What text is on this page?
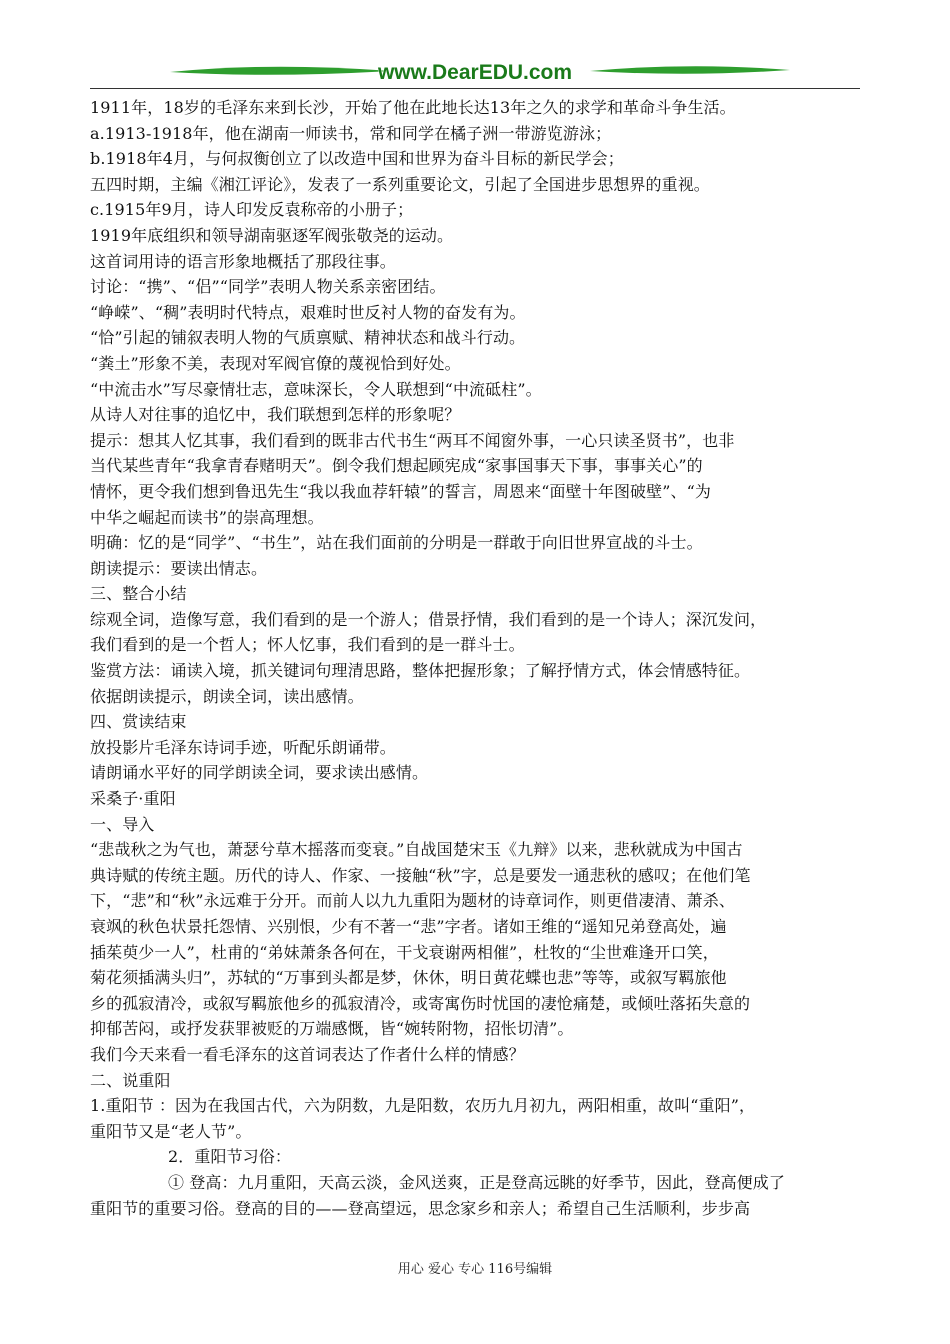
www.DearEDU.com
1911年，18岁的毛泽东来到长沙，开始了他在此地长达13年之久的求学和革命斗争生活。
a.1913-1918年，他在湖南一师读书，常和同学在橘子洲一带游览游泳；
b.1918年4月，与何叔衡创立了以改造中国和世界为奋斗目标的新民学会；
五四时期，主编《湘江评论》，发表了一系列重要论文，引起了全国进步思想界的重视。
c.1915年9月，诗人印发反袁称帝的小册子；
1919年底组织和领导湖南驱逐军阀张敬尧的运动。
这首词用诗的语言形象地概括了那段往事。
讨论：“携”、“侣”“同学”表明人物关系亲密团结。
“峥嵘”、“稠”表明时代特点，艰难时世反衬人物的奋发有为。
“恰”引起的铺叙表明人物的气质禀赋、精神状态和战斗行动。
“粪土”形象不美，表现对军阀官僚的蔑视恰到好处。
“中流击水”写尽豪情壮志，意味深长，令人联想到“中流砥柱”。
从诗人对往事的追忆中，我们联想到怎样的形象呢？
提示：想其人忆其事，我们看到的既非古代书生“两耳不闻窗外事，一心只读圣贤书”，也非
当代某些青年“我拿青春赌明天”。倒令我们想起顾宪成“家事国事天下事，事事关心”的
情怀，更令我们想到鲁迅先生“我以我血荐轩辕”的誓言，周恩来“面壁十年图破壁”、“为
中华之崛起而读书”的崇高理想。
明确：忆的是“同学”、“书生”，站在我们面前的分明是一群敢于向旧世界宣战的斗士。
朗读提示：要读出情志。
三、整合小结
综观全词，造像写意，我们看到的是一个游人；借景抒情，我们看到的是一个诗人；深沉发问，
我们看到的是一个哲人；怀人忆事，我们看到的是一群斗士。
鉴赏方法：诵读入境，抓关键词句理清思路，整体把握形象；了解抒情方式，体会情感特征。
依据朗读提示，朗读全词，读出感情。
四、赏读结束
放投影片毛泽东诗词手迹，听配乐朗诵带。
请朗诵水平好的同学朗读全词，要求读出感情。
采桑子·重阳
一、导入
“悲哉秋之为气也，萧瑟兮草木摇落而变衰。”自战国楚宋玉《九辩》以来，悲秋就成为中国古
典诗赋的传统主题。历代的诗人、作家、一接触“秋”字，总是要发一通悲秋的感叹；在他们笔
下，“悲”和“秋”永远难于分开。而前人以九九重阳为题材的诗章词作，则更借凄清、萧杀、
衰飒的秋色状景托怨情、兴别恨，少有不著一“悲”字者。诸如王维的“遥知兄弟登高处，遍
插茱萸少一人”，杜甫的“弟妹萧条各何在，干戈衰谢两相催”，杜牧的“尘世难逢开口笑，
菊花须插满头归”，苏轼的“万事到头都是梦，休休，明日黄花蝶也悲”等等，或叙写羁旅他
乡的孤寂清冷，或叙写羁旅他乡的孤寂清冷，或寄寓伤时忧国的凄怆痛楚，或倾吐落拓失意的
抑郁苦闷，或抒发获罪被贬的万端感慨，皆“婉转附物，招怅切清”。
我们今天来看一看毛泽东的这首词表达了作者什么样的情感？
二、说重阳
1.重阳节 ：因为在我国古代，六为阴数，九是阳数，农历九月初九，两阳相重，故叫“重阳”，
重阳节又是“老人节”。
2．重阳节习俗：
① 登高：九月重阳，天高云淡，金风送爽，正是登高远眺的好季节，因此，登高便成了
重阳节的重要习俗。登高的目的——登高望远，思念家乡和亲人；希望自己生活顺利，步步高
用心 爱心 专心 116号编辑
